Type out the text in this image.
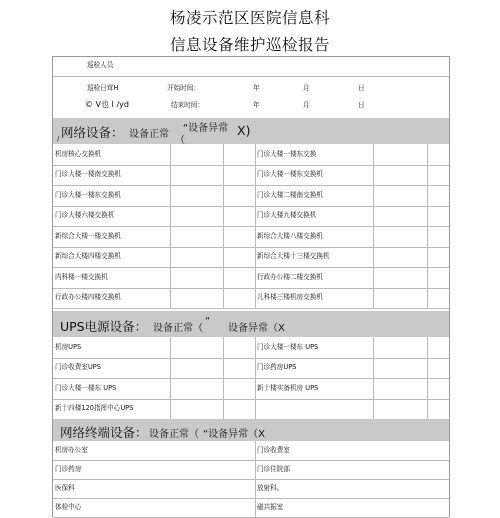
杨凌示范区医院信息科
信息设备维护巡检报告
巡检人员
巡检日茸H	开始时间：	年	月	日
© V也 I /yd	结束时间：	年	月	日
网络设备： 设备正常
“设备异常
（
X)
/
机房核心交换机	门诊大楼一楼东交换
门诊大楼一楼南交换机	门诊大楼一楼东交换机
门诊大楼一楼东交换机	门诊大楼二楼南交换机
门诊大楼六楼交换机	门诊大楼九楼交换机
新综合大楼一楼交换机	新综合大楼八楼交换机
新综合大楼四楼交换机	新综合大楼十三楼交换机
内科楼一楼交换机	行政办公楼二楼交换机
行政办公楼四楼交换机	儿科楼三楼机房交换机
UPS电源设备： 设备正常（
“
设备异常（X
机房UPS	门诊大楼一楼东 UPS
门诊收费室UPS	门诊药房UPS
门诊大楼一楼东 UPS	新十楼实备机房 UPS
新十四楼120指挥中心UPS
网络终端设备： 设备正常（ “设备异常（X
机房办公室	门诊收费室
门诊药房	门诊住院部
医保科	放射科。
体检中心	磁共振室
